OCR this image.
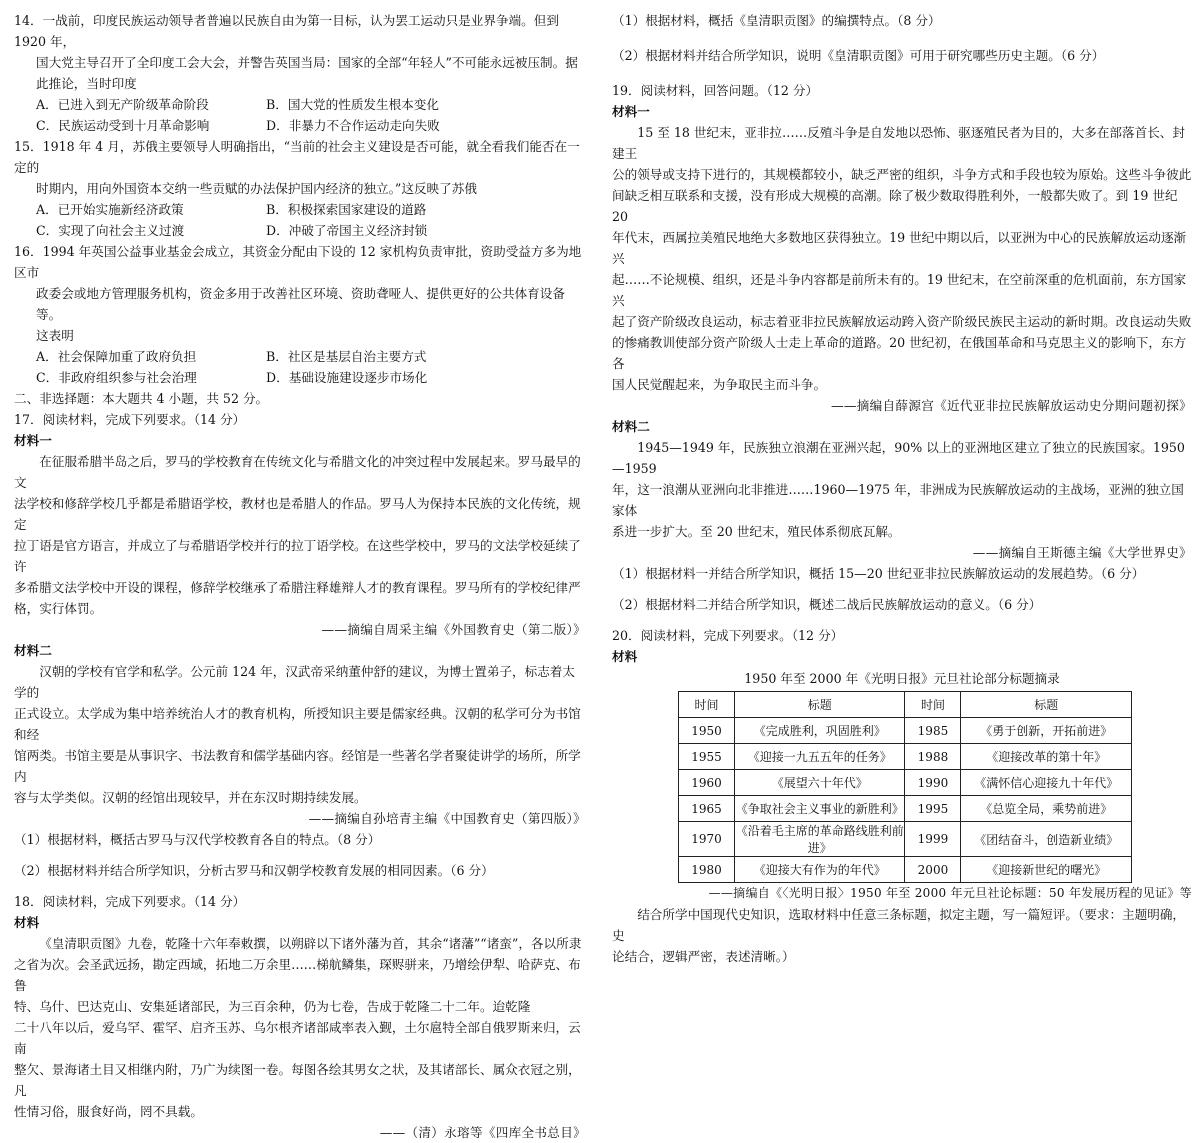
14．一战前，印度民族运动领导者普遍以民族自由为第一目标，认为罢工运动只是业界争端。但到 1920 年，

国大党主导召开了全印度工会大会，并警告英国当局：国家的全部“年轻人”不可能永远被压制。据

此推论，当时印度

A．已进入到无产阶级革命阶段	B．国大党的性质发生根本变化
C．民族运动受到十月革命影响	D．非暴力不合作运动走向失败

15．1918 年 4 月，苏俄主要领导人明确指出，“当前的社会主义建设是否可能，就全看我们能否在一定的

时期内，用向外国资本交纳一些贡赋的办法保护国内经济的独立。”这反映了苏俄

A．已开始实施新经济政策	B．积极探索国家建设的道路
C．实现了向社会主义过渡	D．冲破了帝国主义经济封锁

16．1994 年英国公益事业基金会成立，其资金分配由下设的 12 家机构负责审批，资助受益方多为地区市

政委会或地方管理服务机构，资金多用于改善社区环境、资助聋哑人、提供更好的公共体育设备等。

这表明

A．社会保障加重了政府负担	B．社区是基层自治主要方式
C．非政府组织参与社会治理	D．基础设施建设逐步市场化

二、非选择题：本大题共 4 小题，共 52 分。

17．阅读材料，完成下列要求。（14 分）

材料一

在征服希腊半岛之后，罗马的学校教育在传统文化与希腊文化的冲突过程中发展起来。罗马最早的文

法学校和修辞学校几乎都是希腊语学校，教材也是希腊人的作品。罗马人为保持本民族的文化传统，规定

拉丁语是官方语言，并成立了与希腊语学校并行的拉丁语学校。在这些学校中，罗马的文法学校延续了许

多希腊文法学校中开设的课程，修辞学校继承了希腊注释雄辩人才的教育课程。罗马所有的学校纪律严

格，实行体罚。

——摘编自周采主编《外国教育史（第二版）》

材料二

汉朝的学校有官学和私学。公元前 124 年，汉武帝采纳董仲舒的建议，为博士置弟子，标志着太学的

正式设立。太学成为集中培养统治人才的教育机构，所授知识主要是儒家经典。汉朝的私学可分为书馆和经

馆两类。书馆主要是从事识字、书法教育和儒学基础内容。经馆是一些著名学者聚徒讲学的场所，所学内

容与太学类似。汉朝的经馆出现较早，并在东汉时期持续发展。

——摘编自孙培青主编《中国教育史（第四版）》

（1）根据材料，概括古罗马与汉代学校教育各自的特点。（8 分）

（2）根据材料并结合所学知识，分析古罗马和汉朝学校教育发展的相同因素。（6 分）

18．阅读材料，完成下列要求。（14 分）

材料

《皇清职贡图》九卷，乾隆十六年奉敕撰，以朔辟以下诸外藩为首，其余“诸藩”“诸蛮”，各以所隶

之省为次。会圣武远扬，勘定西域，拓地二万余里……梯航鳞集，琛赆骈来，乃增绘伊犁、哈萨克、布鲁

特、乌什、巴达克山、安集延诸部民，为三百余种，仍为七卷，告成于乾隆二十二年。迨乾隆

二十八年以后，爱乌罕、霍罕、启齐玉苏、乌尔根齐诸部咸率表入觐，土尔扈特全部自俄罗斯来归，云南

整欠、景海诸土目又相继内附，乃广为续图一卷。每图各绘其男女之状，及其诸部长、属众衣冠之别，凡

性情习俗，服食好尚，罔不具载。

——（清）永瑢等《四库全书总目》

（1）根据材料，概括《皇清职贡图》的编撰特点。（8 分）

（2）根据材料并结合所学知识，说明《皇清职贡图》可用于研究哪些历史主题。（6 分）

19．阅读材料，回答问题。（12 分）

材料一

15 至 18 世纪末，亚非拉……反殖斗争是自发地以恐怖、驱逐殖民者为目的，大多在部落首长、封建王

公的领导或支持下进行的，其规模都较小，缺乏严密的组织，斗争方式和手段也较为原始。这些斗争彼此

间缺乏相互联系和支援，没有形成大规模的高潮。除了极少数取得胜利外，一般都失败了。到 19 世纪 20

年代末，西属拉美殖民地绝大多数地区获得独立。19 世纪中期以后，以亚洲为中心的民族解放运动逐渐兴

起……不论规模、组织，还是斗争内容都是前所未有的。19 世纪末，在空前深重的危机面前，东方国家兴

起了资产阶级改良运动，标志着亚非拉民族解放运动跨入资产阶级民族民主运动的新时期。改良运动失败

的惨痛教训使部分资产阶级人士走上革命的道路。20 世纪初，在俄国革命和马克思主义的影响下，东方各

国人民觉醒起来，为争取民主而斗争。

——摘编自薛源宫《近代亚非拉民族解放运动史分期问题初探》

材料二

1945—1949 年，民族独立浪潮在亚洲兴起，90% 以上的亚洲地区建立了独立的民族国家。1950—1959

年，这一浪潮从亚洲向北非推进……1960—1975 年，非洲成为民族解放运动的主战场，亚洲的独立国家体

系进一步扩大。至 20 世纪末，殖民体系彻底瓦解。

——摘编自王斯德主编《大学世界史》

（1）根据材料一并结合所学知识，概括 15—20 世纪亚非拉民族解放运动的发展趋势。（6 分）

（2）根据材料二并结合所学知识，概述二战后民族解放运动的意义。（6 分）

20．阅读材料，完成下列要求。（12 分）

材料

1950 年至 2000 年《光明日报》元旦社论部分标题摘录

时间	标题	时间	标题
1950	《完成胜利，巩固胜利》	1985	《勇于创新，开拓前进》
1955	《迎接一九五五年的任务》	1988	《迎接改革的第十年》
1960	《展望六十年代》	1990	《满怀信心迎接九十年代》
1965	《争取社会主义事业的新胜利》	1995	《总览全局，乘势前进》
1970	《沿着毛主席的革命路线胜利前进》	1999	《团结奋斗，创造新业绩》
1980	《迎接大有作为的年代》	2000	《迎接新世纪的曙光》

——摘编自《〈光明日报〉1950 年至 2000 年元旦社论标题：50 年发展历程的见证》等

结合所学中国现代史知识，选取材料中任意三条标题，拟定主题，写一篇短评。（要求：主题明确，史

论结合，逻辑严密，表述清晰。）
